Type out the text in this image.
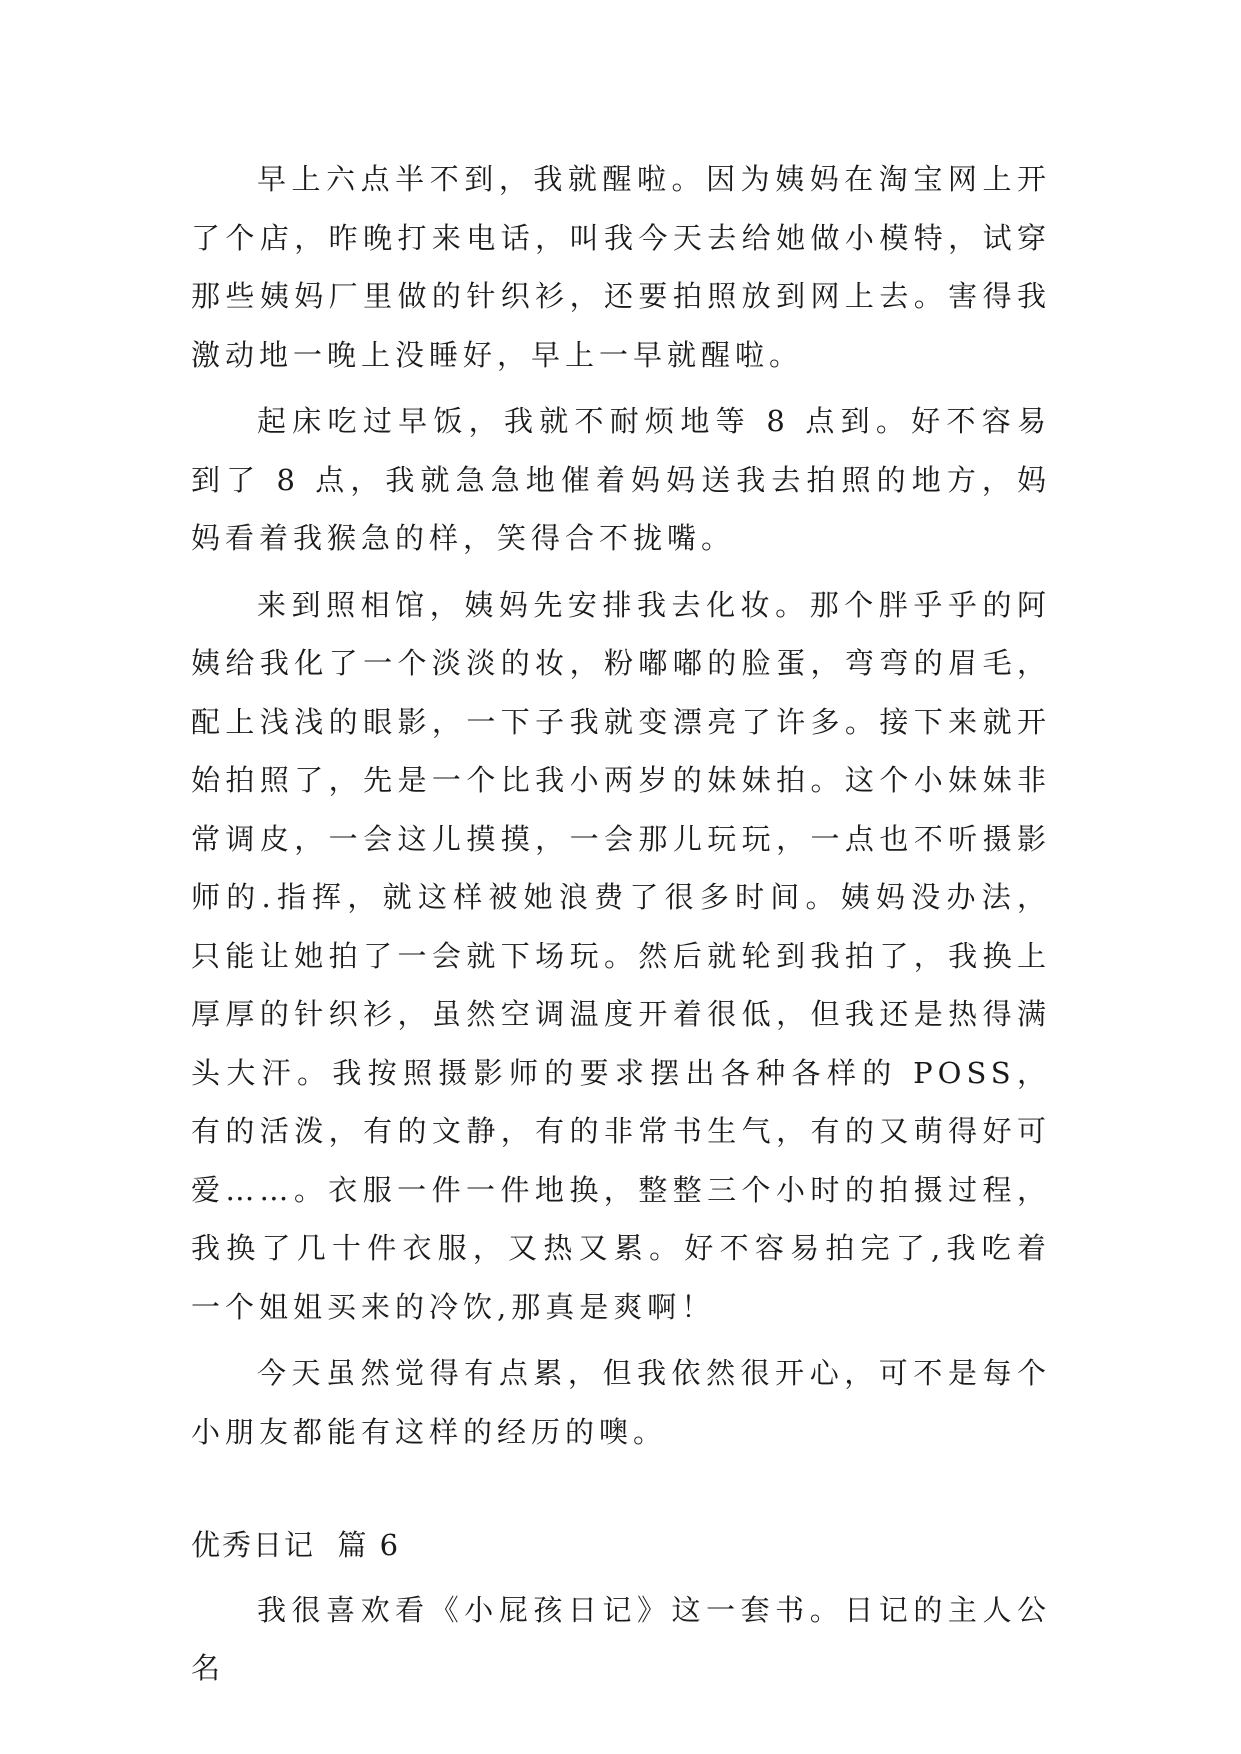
早上六点半不到，我就醒啦。因为姨妈在淘宝网上开了个店，昨晚打来电话，叫我今天去给她做小模特，试穿那些姨妈厂里做的针织衫，还要拍照放到网上去。害得我激动地一晚上没睡好，早上一早就醒啦。

起床吃过早饭，我就不耐烦地等 8 点到。好不容易到了 8 点，我就急急地催着妈妈送我去拍照的地方，妈妈看着我猴急的样，笑得合不拢嘴。

来到照相馆，姨妈先安排我去化妆。那个胖乎乎的阿姨给我化了一个淡淡的妆，粉嘟嘟的脸蛋，弯弯的眉毛，配上浅浅的眼影，一下子我就变漂亮了许多。接下来就开始拍照了，先是一个比我小两岁的妹妹拍。这个小妹妹非常调皮，一会这儿摸摸，一会那儿玩玩，一点也不听摄影师的.指挥，就这样被她浪费了很多时间。姨妈没办法，只能让她拍了一会就下场玩。然后就轮到我拍了，我换上厚厚的针织衫，虽然空调温度开着很低，但我还是热得满头大汗。我按照摄影师的要求摆出各种各样的 POSS，有的活泼，有的文静，有的非常书生气，有的又萌得好可爱……。衣服一件一件地换，整整三个小时的拍摄过程，我换了几十件衣服，又热又累。好不容易拍完了,我吃着一个姐姐买来的冷饮,那真是爽啊！

今天虽然觉得有点累，但我依然很开心，可不是每个小朋友都能有这样的经历的噢。

优秀日记  篇 6

我很喜欢看《小屁孩日记》这一套书。日记的主人公名
